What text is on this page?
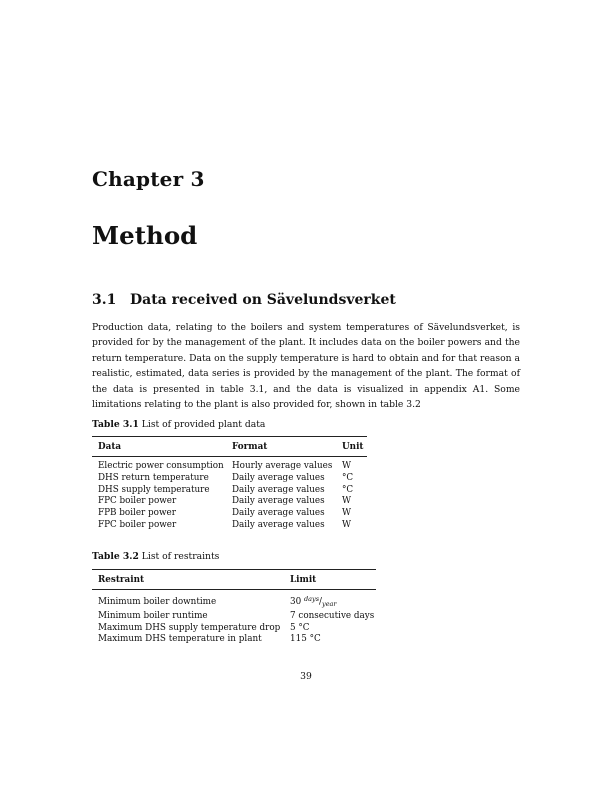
Chapter 3
Method
3.1 Data received on Sävelundsverket

Production data, relating to the boilers and system temperatures of Sävelundsverket, is provided for by the management of the plant. It includes data on the boiler powers and the return temperature. Data on the supply temperature is hard to obtain and for that reason a realistic, estimated, data series is provided by the management of the plant. The format of the data is presented in table 3.1, and the data is visualized in appendix A1. Some limitations relating to the plant is also provided for, shown in table 3.2

Table 3.1 List of provided plant data
Data	Format	Unit
Electric power consumption	Hourly average values	W
DHS return temperature	Daily average values	°C
DHS supply temperature	Daily average values	°C
FPC boiler power	Daily average values	W
FPB boiler power	Daily average values	W
FPC boiler power	Daily average values	W
Table 3.2 List of restraints
Restraint	Limit
Minimum boiler downtime	30 $^{days}/_{year}$
Minimum boiler runtime	7 consecutive days
Maximum DHS supply temperature drop	5 °C
Maximum DHS temperature in plant	115 °C
39
